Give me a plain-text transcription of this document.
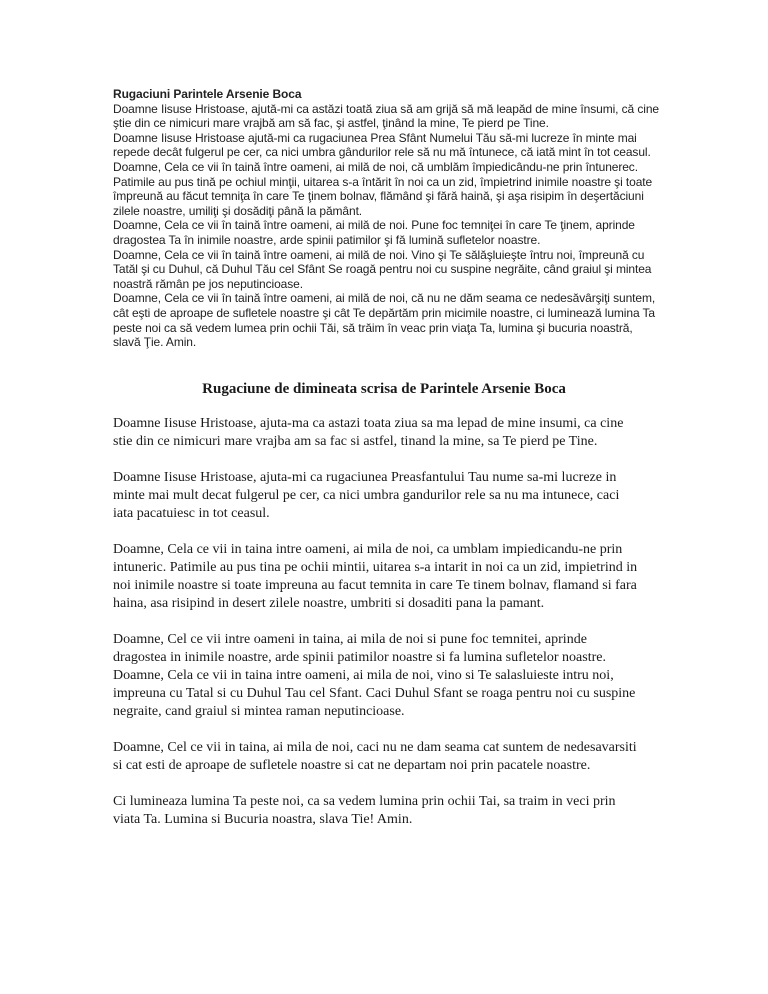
Rugaciuni Parintele Arsenie Boca

Doamne Iisuse Hristoase, ajută-mi ca astăzi toată ziua să am grijă să mă leapăd de mine însumi, că cine ştie din ce nimicuri mare vrajbă am să fac, şi astfel, ţinând la mine, Te pierd pe Tine.

Doamne Iisuse Hristoase ajută-mi ca rugaciunea Prea Sfânt Numelui Tău să-mi lucreze în minte mai repede decât fulgerul pe cer, ca nici umbra gândurilor rele să nu mă întunece, că iată mint în tot ceasul.

Doamne, Cela ce vii în taină între oameni, ai milă de noi, că umblăm împiedicându-ne prin întunerec. Patimile au pus tină pe ochiul minţii, uitarea s-a întărit în noi ca un zid, împietrind inimile noastre şi toate împreună au făcut temniţa în care Te ţinem bolnav, flămând şi fără haină, şi aşa risipim în deşertăciuni zilele noastre, umiliţi şi dosădiţi până la pământ.

Doamne, Cela ce vii în taină între oameni, ai milă de noi. Pune foc temniţei în care Te ţinem, aprinde dragostea Ta în inimile noastre, arde spinii patimilor şi fă lumină sufletelor noastre.

Doamne, Cela ce vii în taină între oameni, ai milă de noi. Vino şi Te sălăşluieşte întru noi, împreună cu Tatăl şi cu Duhul, că Duhul Tău cel Sfânt Se roagă pentru noi cu suspine negrăite, când graiul şi mintea noastră rămân pe jos neputincioase.

Doamne, Cela ce vii în taină între oameni, ai milă de noi, că nu ne dăm seama ce nedesăvârşiţi suntem, cât eşti de aproape de sufletele noastre şi cât Te depărtăm prin micimile noastre, ci luminează lumina Ta peste noi ca să vedem lumea prin ochii Tăi, să trăim în veac prin viaţa Ta, lumina şi bucuria noastră, slavă Ţie. Amin.

Rugaciune de dimineata scrisa de Parintele Arsenie Boca

Doamne Iisuse Hristoase, ajuta-ma ca astazi toata ziua sa ma lepad de mine insumi, ca cine stie din ce nimicuri mare vrajba am sa fac si astfel, tinand la mine, sa Te pierd pe Tine.

Doamne Iisuse Hristoase, ajuta-mi ca rugaciunea Preasfantului Tau nume sa-mi lucreze in minte mai mult decat fulgerul pe cer, ca nici umbra gandurilor rele sa nu ma intunece, caci iata pacatuiesc in tot ceasul.

Doamne, Cela ce vii in taina intre oameni, ai mila de noi, ca umblam impiedicandu-ne prin intuneric. Patimile au pus tina pe ochii mintii, uitarea s-a intarit in noi ca un zid, impietrind in noi inimile noastre si toate impreuna au facut temnita in care Te tinem bolnav, flamand si fara haina, asa risipind in desert zilele noastre, umbriti si dosaditi pana la pamant.

Doamne, Cel ce vii intre oameni in taina, ai mila de noi si pune foc temnitei, aprinde dragostea in inimile noastre, arde spinii patimilor noastre si fa lumina sufletelor noastre.

Doamne, Cela ce vii in taina intre oameni, ai mila de noi, vino si Te salasluieste intru noi, impreuna cu Tatal si cu Duhul Tau cel Sfant. Caci Duhul Sfant se roaga pentru noi cu suspine negraite, cand graiul si mintea raman neputincioase.

Doamne, Cel ce vii in taina, ai mila de noi, caci nu ne dam seama cat suntem de nedesavarsiti si cat esti de aproape de sufletele noastre si cat ne departam noi prin pacatele noastre.

Ci lumineaza lumina Ta peste noi, ca sa vedem lumina prin ochii Tai, sa traim in veci prin viata Ta. Lumina si Bucuria noastra, slava Tie! Amin.
